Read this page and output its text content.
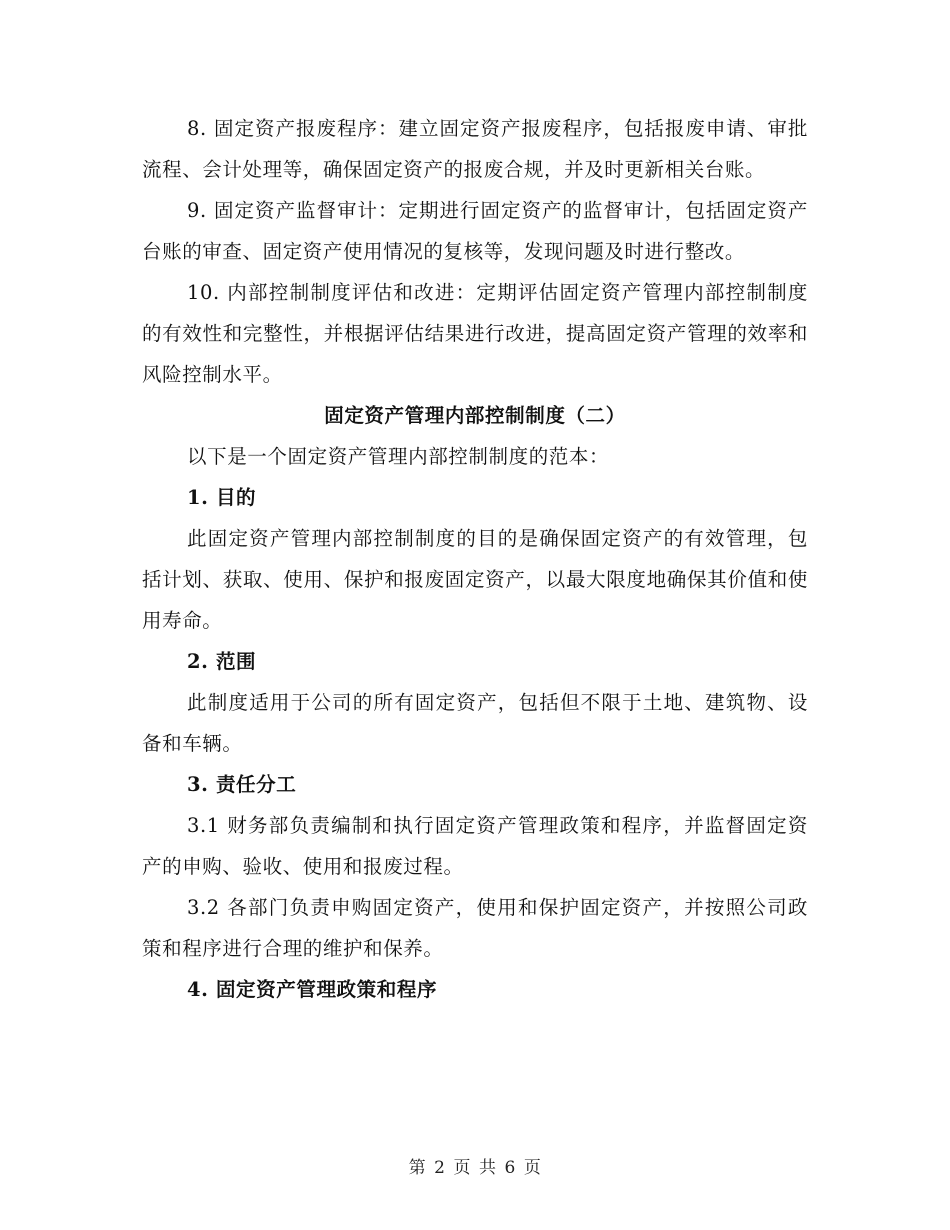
8. 固定资产报废程序：建立固定资产报废程序，包括报废申请、审批流程、会计处理等，确保固定资产的报废合规，并及时更新相关台账。

9. 固定资产监督审计：定期进行固定资产的监督审计，包括固定资产台账的审查、固定资产使用情况的复核等，发现问题及时进行整改。

10. 内部控制制度评估和改进：定期评估固定资产管理内部控制制度的有效性和完整性，并根据评估结果进行改进，提高固定资产管理的效率和风险控制水平。

固定资产管理内部控制制度（二）

以下是一个固定资产管理内部控制制度的范本：

1. 目的

此固定资产管理内部控制制度的目的是确保固定资产的有效管理，包括计划、获取、使用、保护和报废固定资产，以最大限度地确保其价值和使用寿命。

2. 范围

此制度适用于公司的所有固定资产，包括但不限于土地、建筑物、设备和车辆。

3. 责任分工

3.1 财务部负责编制和执行固定资产管理政策和程序，并监督固定资产的申购、验收、使用和报废过程。

3.2 各部门负责申购固定资产，使用和保护固定资产，并按照公司政策和程序进行合理的维护和保养。

4. 固定资产管理政策和程序

第 2 页 共 6 页
